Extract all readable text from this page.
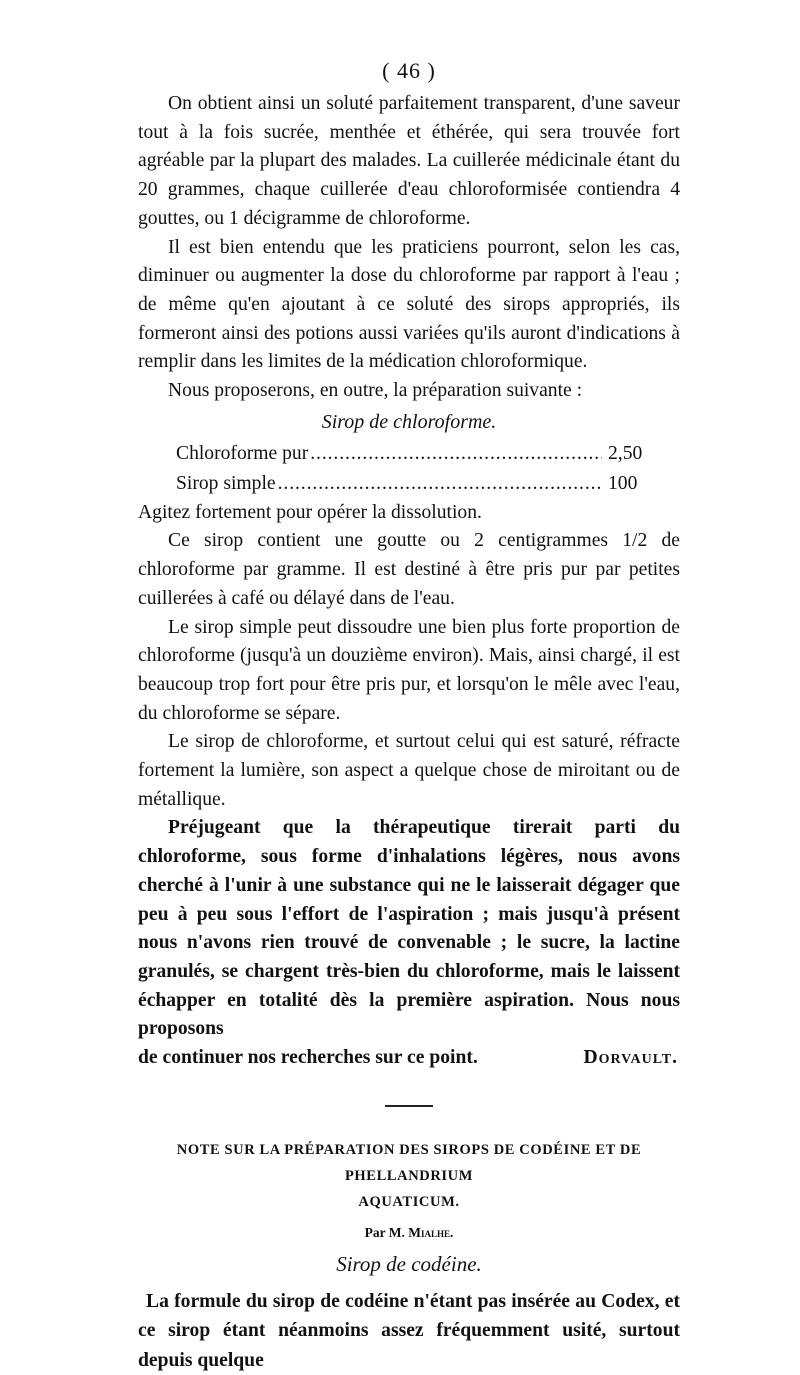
( 46 )

On obtient ainsi un soluté parfaitement transparent, d'une saveur tout à la fois sucrée, menthée et éthérée, qui sera trouvée fort agréable par la plupart des malades. La cuillerée médicinale étant du 20 grammes, chaque cuillerée d'eau chloroformisée contiendra 4 gouttes, ou 1 décigramme de chloroforme.

Il est bien entendu que les praticiens pourront, selon les cas, diminuer ou augmenter la dose du chloroforme par rapport à l'eau ; de même qu'en ajoutant à ce soluté des sirops appropriés, ils formeront ainsi des potions aussi variées qu'ils auront d'indications à remplir dans les limites de la médication chloroformique.

Nous proposerons, en outre, la préparation suivante :

Sirop de chloroforme.
Chloroforme pur . . .	2,50
Sirop simple . . .	100

Agitez fortement pour opérer la dissolution.

Ce sirop contient une goutte ou 2 centigrammes 1/2 de chloroforme par gramme. Il est destiné à être pris pur par petites cuillerées à café ou délayé dans de l'eau.

Le sirop simple peut dissoudre une bien plus forte proportion de chloroforme (jusqu'à un douzième environ). Mais, ainsi chargé, il est beaucoup trop fort pour être pris pur, et lorsqu'on le mêle avec l'eau, du chloroforme se sépare.

Le sirop de chloroforme, et surtout celui qui est saturé, réfracte fortement la lumière, son aspect a quelque chose de miroitant ou de métallique.

Préjugeant que la thérapeutique tirerait parti du chloroforme, sous forme d'inhalations légères, nous avons cherché à l'unir à une substance qui ne le laisserait dégager que peu à peu sous l'effort de l'aspiration ; mais jusqu'à présent nous n'avons rien trouvé de convenable ; le sucre, la lactine granulés, se chargent très-bien du chloroforme, mais le laissent échapper en totalité dès la première aspiration. Nous nous proposons

de continuer nos recherches sur ce point.	Dorvault.
NOTE SUR LA PRÉPARATION DES SIROPS DE CODÉINE ET DE PHELLANDRIUM
AQUATICUM.
Par M. Mialhe.
Sirop de codéine.

La formule du sirop de codéine n'étant pas insérée au Codex, et ce sirop étant néanmoins assez fréquemment usité, surtout depuis quelque
